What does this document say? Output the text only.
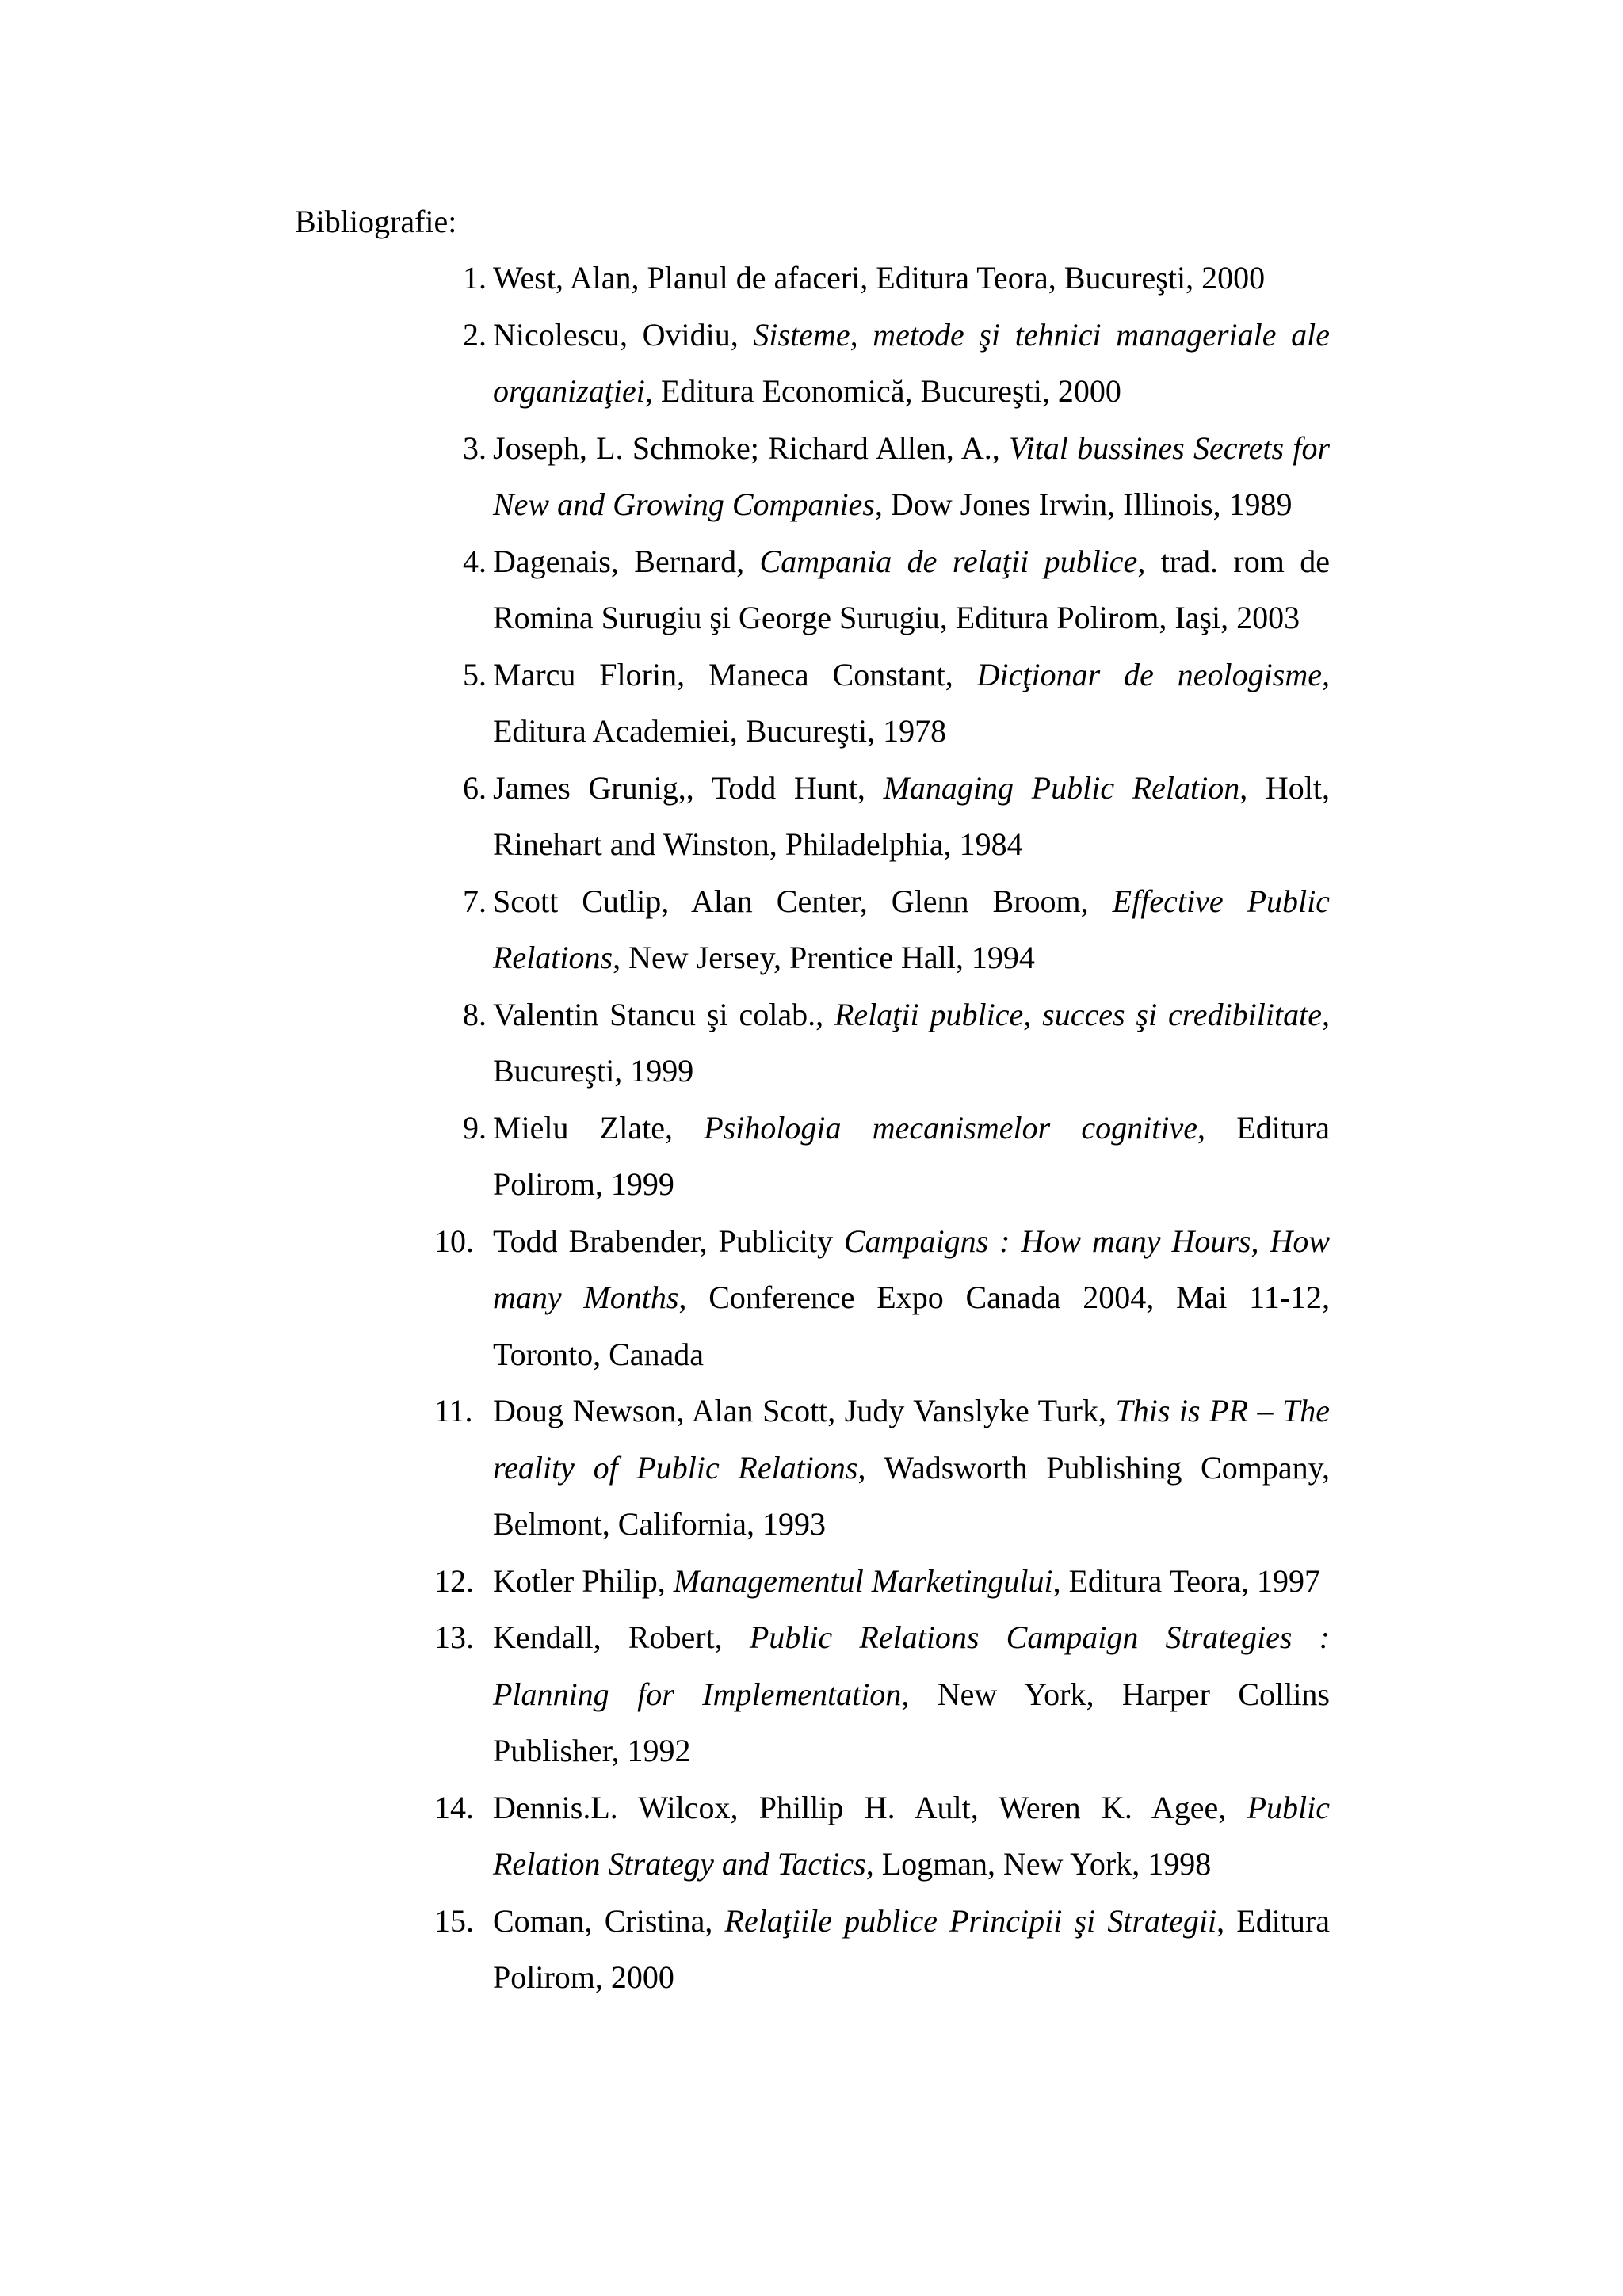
Bibliografie:
1. West, Alan, Planul de afaceri, Editura Teora, Bucureşti, 2000
2. Nicolescu, Ovidiu, Sisteme, metode şi tehnici manageriale ale organizaţiei, Editura Economică, Bucureşti, 2000
3. Joseph, L. Schmoke; Richard Allen, A., Vital bussines Secrets for New and Growing Companies, Dow Jones Irwin, Illinois, 1989
4. Dagenais, Bernard, Campania de relaţii publice, trad. rom de Romina Surugiu şi George Surugiu, Editura Polirom, Iaşi, 2003
5. Marcu Florin, Maneca Constant, Dicţionar de neologisme, Editura Academiei, Bucureşti, 1978
6. James Grunig,, Todd Hunt, Managing Public Relation, Holt, Rinehart and Winston, Philadelphia, 1984
7. Scott Cutlip, Alan Center, Glenn Broom, Effective Public Relations, New Jersey, Prentice Hall, 1994
8. Valentin Stancu şi colab., Relaţii publice, succes şi credibilitate, Bucureşti, 1999
9. Mielu Zlate, Psihologia mecanismelor cognitive, Editura Polirom, 1999
10. Todd Brabender, Publicity Campaigns : How many Hours, How many Months, Conference Expo Canada 2004, Mai 11-12, Toronto, Canada
11. Doug Newson, Alan Scott, Judy Vanslyke Turk, This is PR – The reality of Public Relations, Wadsworth Publishing Company, Belmont, California, 1993
12. Kotler Philip, Managementul Marketingului, Editura Teora, 1997
13. Kendall, Robert, Public Relations Campaign Strategies : Planning for Implementation, New York, Harper Collins Publisher, 1992
14. Dennis.L. Wilcox, Phillip H. Ault, Weren K. Agee, Public Relation Strategy and Tactics, Logman, New York, 1998
15. Coman, Cristina, Relaţiile publice Principii şi Strategii, Editura Polirom, 2000
